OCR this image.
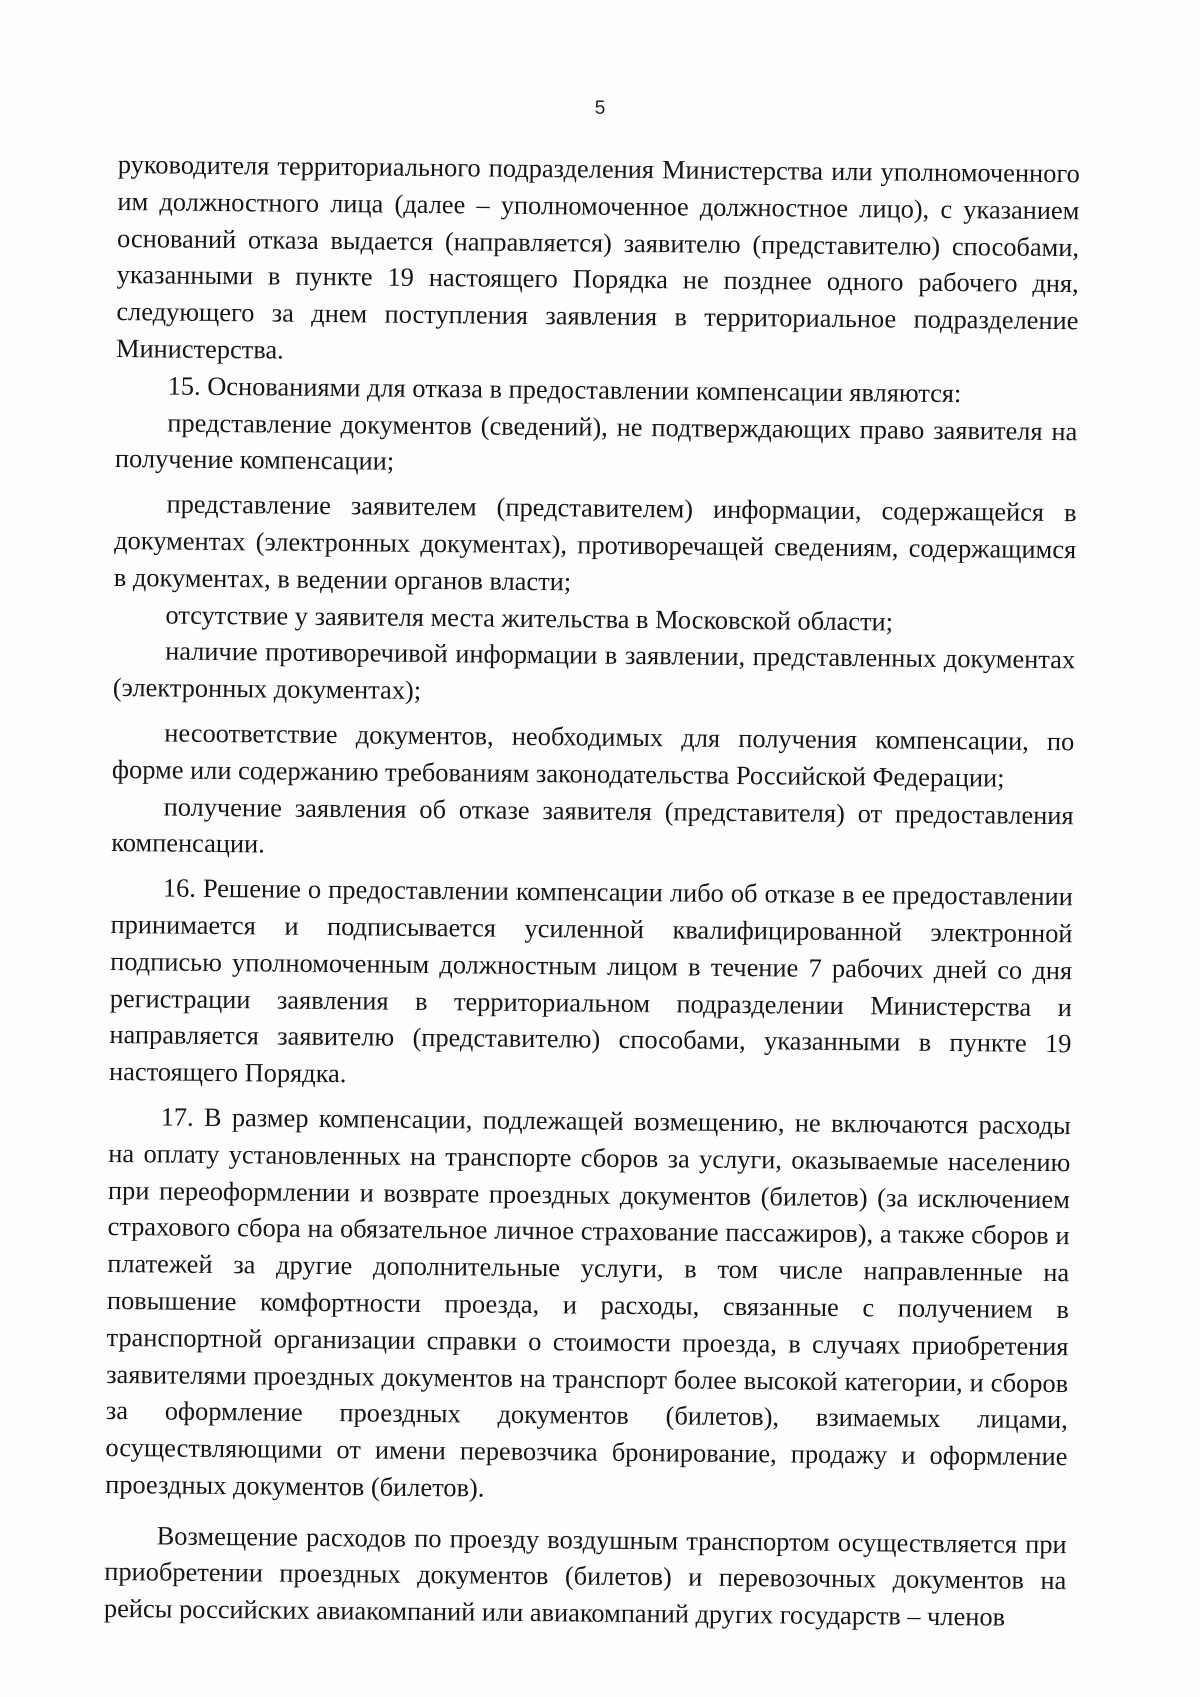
5

руководителя территориального подразделения Министерства или уполномоченного им должностного лица (далее – уполномоченное должностное лицо), с указанием оснований отказа выдается (направляется) заявителю (представителю) способами, указанными в пункте 19 настоящего Порядка не позднее одного рабочего дня, следующего за днем поступления заявления в территориальное подразделение Министерства.

15. Основаниями для отказа в предоставлении компенсации являются:

представление документов (сведений), не подтверждающих право заявителя на получение компенсации;

представление заявителем (представителем) информации, содержащейся в документах (электронных документах), противоречащей сведениям, содержащимся в документах, в ведении органов власти;

отсутствие у заявителя места жительства в Московской области;

наличие противоречивой информации в заявлении, представленных документах (электронных документах);

несоответствие документов, необходимых для получения компенсации, по форме или содержанию требованиям законодательства Российской Федерации;

получение заявления об отказе заявителя (представителя) от предоставления компенсации.

16. Решение о предоставлении компенсации либо об отказе в ее предоставлении принимается и подписывается усиленной квалифицированной электронной подписью уполномоченным должностным лицом в течение 7 рабочих дней со дня регистрации заявления в территориальном подразделении Министерства и направляется заявителю (представителю) способами, указанными в пункте 19 настоящего Порядка.

17. В размер компенсации, подлежащей возмещению, не включаются расходы на оплату установленных на транспорте сборов за услуги, оказываемые населению при переоформлении и возврате проездных документов (билетов) (за исключением страхового сбора на обязательное личное страхование пассажиров), а также сборов и платежей за другие дополнительные услуги, в том числе направленные на повышение комфортности проезда, и расходы, связанные с получением в транспортной организации справки о стоимости проезда, в случаях приобретения заявителями проездных документов на транспорт более высокой категории, и сборов за оформление проездных документов (билетов), взимаемых лицами, осуществляющими от имени перевозчика бронирование, продажу и оформление проездных документов (билетов).

Возмещение расходов по проезду воздушным транспортом осуществляется при приобретении проездных документов (билетов) и перевозочных документов на рейсы российских авиакомпаний или авиакомпаний других государств – членов
